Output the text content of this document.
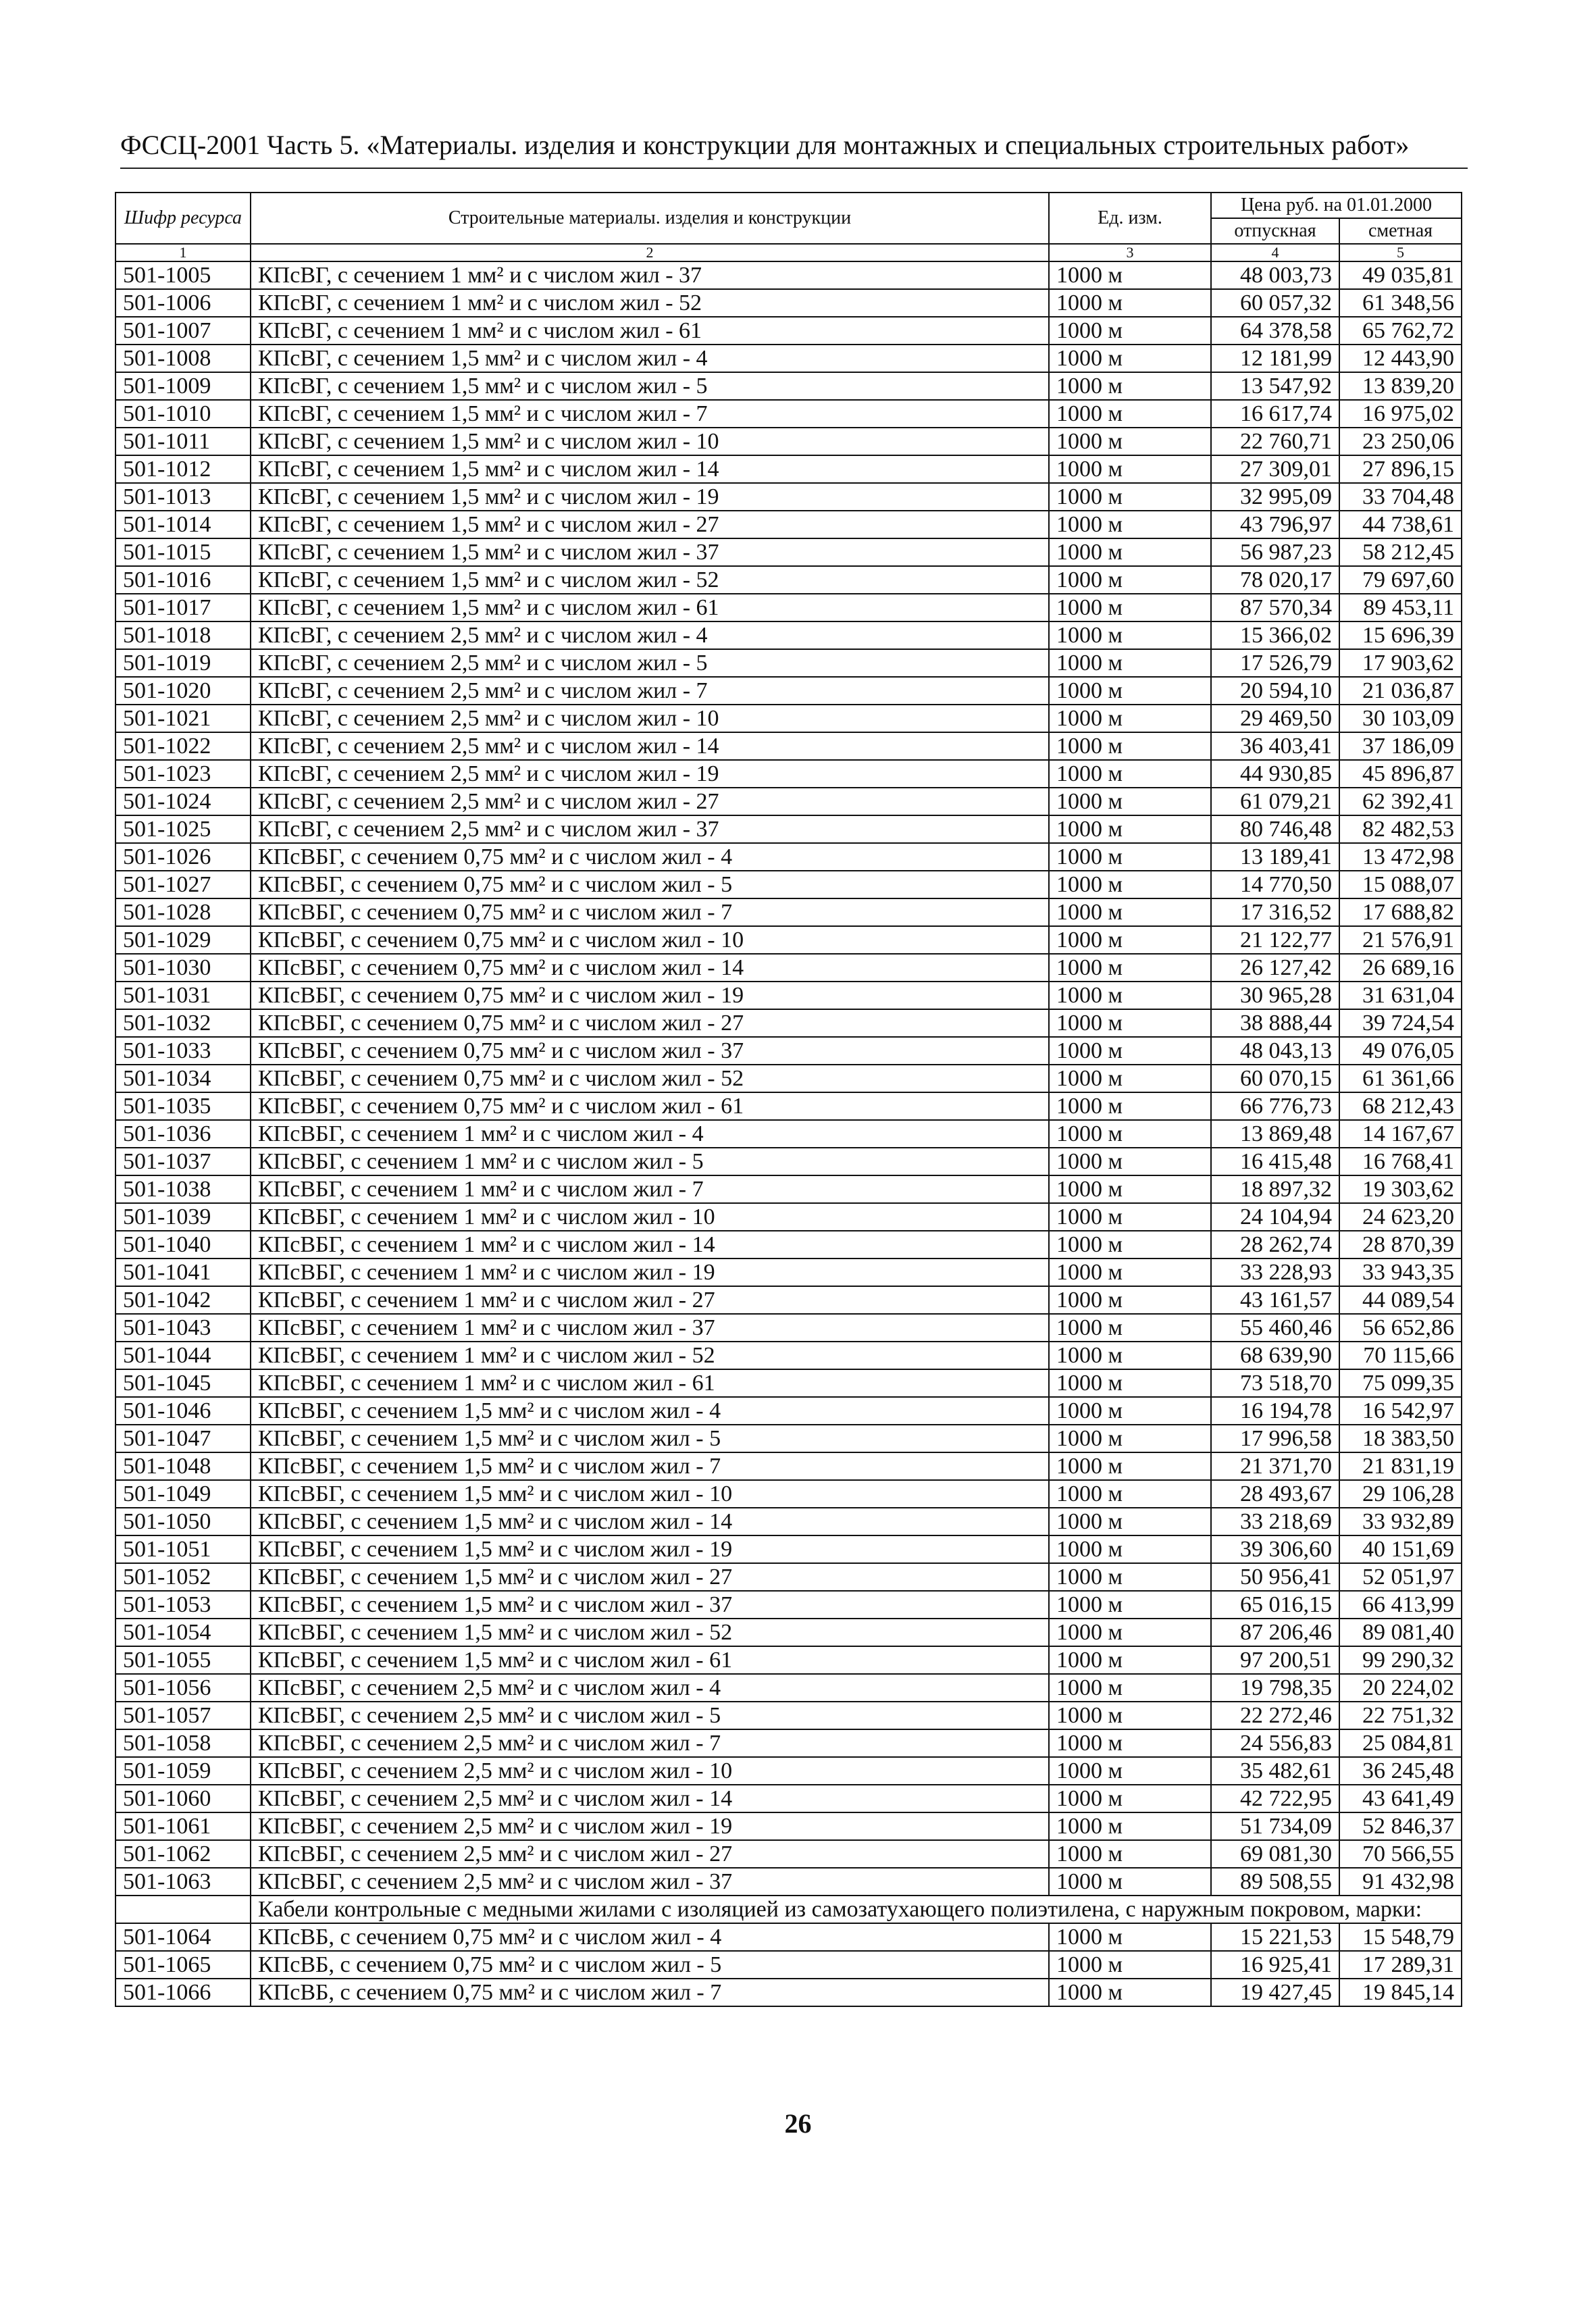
ФССЦ-2001 Часть 5. «Материалы. изделия и конструкции для монтажных и специальных строительных работ»
Шифр ресурса	Строительные материалы. изделия и конструкции	Ед. изм.	Цена руб. на 01.01.2000	
			отпускная	сметная
1	2	3	4	5
501-1005	КПсВГ, с сечением 1 мм² и с числом жил - 37	1000 м	48 003,73	49 035,81
501-1006	КПсВГ, с сечением 1 мм² и с числом жил - 52	1000 м	60 057,32	61 348,56
501-1007	КПсВГ, с сечением 1 мм² и с числом жил - 61	1000 м	64 378,58	65 762,72
501-1008	КПсВГ, с сечением 1,5 мм² и с числом жил - 4	1000 м	12 181,99	12 443,90
501-1009	КПсВГ, с сечением 1,5 мм² и с числом жил - 5	1000 м	13 547,92	13 839,20
501-1010	КПсВГ, с сечением 1,5 мм² и с числом жил - 7	1000 м	16 617,74	16 975,02
501-1011	КПсВГ, с сечением 1,5 мм² и с числом жил - 10	1000 м	22 760,71	23 250,06
501-1012	КПсВГ, с сечением 1,5 мм² и с числом жил - 14	1000 м	27 309,01	27 896,15
501-1013	КПсВГ, с сечением 1,5 мм² и с числом жил - 19	1000 м	32 995,09	33 704,48
501-1014	КПсВГ, с сечением 1,5 мм² и с числом жил - 27	1000 м	43 796,97	44 738,61
501-1015	КПсВГ, с сечением 1,5 мм² и с числом жил - 37	1000 м	56 987,23	58 212,45
501-1016	КПсВГ, с сечением 1,5 мм² и с числом жил - 52	1000 м	78 020,17	79 697,60
501-1017	КПсВГ, с сечением 1,5 мм² и с числом жил - 61	1000 м	87 570,34	89 453,11
501-1018	КПсВГ, с сечением 2,5 мм² и с числом жил - 4	1000 м	15 366,02	15 696,39
501-1019	КПсВГ, с сечением 2,5 мм² и с числом жил - 5	1000 м	17 526,79	17 903,62
501-1020	КПсВГ, с сечением 2,5 мм² и с числом жил - 7	1000 м	20 594,10	21 036,87
501-1021	КПсВГ, с сечением 2,5 мм² и с числом жил - 10	1000 м	29 469,50	30 103,09
501-1022	КПсВГ, с сечением 2,5 мм² и с числом жил - 14	1000 м	36 403,41	37 186,09
501-1023	КПсВГ, с сечением 2,5 мм² и с числом жил - 19	1000 м	44 930,85	45 896,87
501-1024	КПсВГ, с сечением 2,5 мм² и с числом жил - 27	1000 м	61 079,21	62 392,41
501-1025	КПсВГ, с сечением 2,5 мм² и с числом жил - 37	1000 м	80 746,48	82 482,53
501-1026	КПсВБГ, с сечением 0,75 мм² и с числом жил - 4	1000 м	13 189,41	13 472,98
501-1027	КПсВБГ, с сечением 0,75 мм² и с числом жил - 5	1000 м	14 770,50	15 088,07
501-1028	КПсВБГ, с сечением 0,75 мм² и с числом жил - 7	1000 м	17 316,52	17 688,82
501-1029	КПсВБГ, с сечением 0,75 мм² и с числом жил - 10	1000 м	21 122,77	21 576,91
501-1030	КПсВБГ, с сечением 0,75 мм² и с числом жил - 14	1000 м	26 127,42	26 689,16
501-1031	КПсВБГ, с сечением 0,75 мм² и с числом жил - 19	1000 м	30 965,28	31 631,04
501-1032	КПсВБГ, с сечением 0,75 мм² и с числом жил - 27	1000 м	38 888,44	39 724,54
501-1033	КПсВБГ, с сечением 0,75 мм² и с числом жил - 37	1000 м	48 043,13	49 076,05
501-1034	КПсВБГ, с сечением 0,75 мм² и с числом жил - 52	1000 м	60 070,15	61 361,66
501-1035	КПсВБГ, с сечением 0,75 мм² и с числом жил - 61	1000 м	66 776,73	68 212,43
501-1036	КПсВБГ, с сечением 1 мм² и с числом жил - 4	1000 м	13 869,48	14 167,67
501-1037	КПсВБГ, с сечением 1 мм² и с числом жил - 5	1000 м	16 415,48	16 768,41
501-1038	КПсВБГ, с сечением 1 мм² и с числом жил - 7	1000 м	18 897,32	19 303,62
501-1039	КПсВБГ, с сечением 1 мм² и с числом жил - 10	1000 м	24 104,94	24 623,20
501-1040	КПсВБГ, с сечением 1 мм² и с числом жил - 14	1000 м	28 262,74	28 870,39
501-1041	КПсВБГ, с сечением 1 мм² и с числом жил - 19	1000 м	33 228,93	33 943,35
501-1042	КПсВБГ, с сечением 1 мм² и с числом жил - 27	1000 м	43 161,57	44 089,54
501-1043	КПсВБГ, с сечением 1 мм² и с числом жил - 37	1000 м	55 460,46	56 652,86
501-1044	КПсВБГ, с сечением 1 мм² и с числом жил - 52	1000 м	68 639,90	70 115,66
501-1045	КПсВБГ, с сечением 1 мм² и с числом жил - 61	1000 м	73 518,70	75 099,35
501-1046	КПсВБГ, с сечением 1,5 мм² и с числом жил - 4	1000 м	16 194,78	16 542,97
501-1047	КПсВБГ, с сечением 1,5 мм² и с числом жил - 5	1000 м	17 996,58	18 383,50
501-1048	КПсВБГ, с сечением 1,5 мм² и с числом жил - 7	1000 м	21 371,70	21 831,19
501-1049	КПсВБГ, с сечением 1,5 мм² и с числом жил - 10	1000 м	28 493,67	29 106,28
501-1050	КПсВБГ, с сечением 1,5 мм² и с числом жил - 14	1000 м	33 218,69	33 932,89
501-1051	КПсВБГ, с сечением 1,5 мм² и с числом жил - 19	1000 м	39 306,60	40 151,69
501-1052	КПсВБГ, с сечением 1,5 мм² и с числом жил - 27	1000 м	50 956,41	52 051,97
501-1053	КПсВБГ, с сечением 1,5 мм² и с числом жил - 37	1000 м	65 016,15	66 413,99
501-1054	КПсВБГ, с сечением 1,5 мм² и с числом жил - 52	1000 м	87 206,46	89 081,40
501-1055	КПсВБГ, с сечением 1,5 мм² и с числом жил - 61	1000 м	97 200,51	99 290,32
501-1056	КПсВБГ, с сечением 2,5 мм² и с числом жил - 4	1000 м	19 798,35	20 224,02
501-1057	КПсВБГ, с сечением 2,5 мм² и с числом жил - 5	1000 м	22 272,46	22 751,32
501-1058	КПсВБГ, с сечением 2,5 мм² и с числом жил - 7	1000 м	24 556,83	25 084,81
501-1059	КПсВБГ, с сечением 2,5 мм² и с числом жил - 10	1000 м	35 482,61	36 245,48
501-1060	КПсВБГ, с сечением 2,5 мм² и с числом жил - 14	1000 м	42 722,95	43 641,49
501-1061	КПсВБГ, с сечением 2,5 мм² и с числом жил - 19	1000 м	51 734,09	52 846,37
501-1062	КПсВБГ, с сечением 2,5 мм² и с числом жил - 27	1000 м	69 081,30	70 566,55
501-1063	КПсВБГ, с сечением 2,5 мм² и с числом жил - 37	1000 м	89 508,55	91 432,98
	Кабели контрольные с медными жилами с изоляцией из самозатухающего полиэтилена, с наружным покровом, марки:			
501-1064	КПсВБ, с сечением 0,75 мм² и с числом жил - 4	1000 м	15 221,53	15 548,79
501-1065	КПсВБ, с сечением 0,75 мм² и с числом жил - 5	1000 м	16 925,41	17 289,31
501-1066	КПсВБ, с сечением 0,75 мм² и с числом жил - 7	1000 м	19 427,45	19 845,14
26
